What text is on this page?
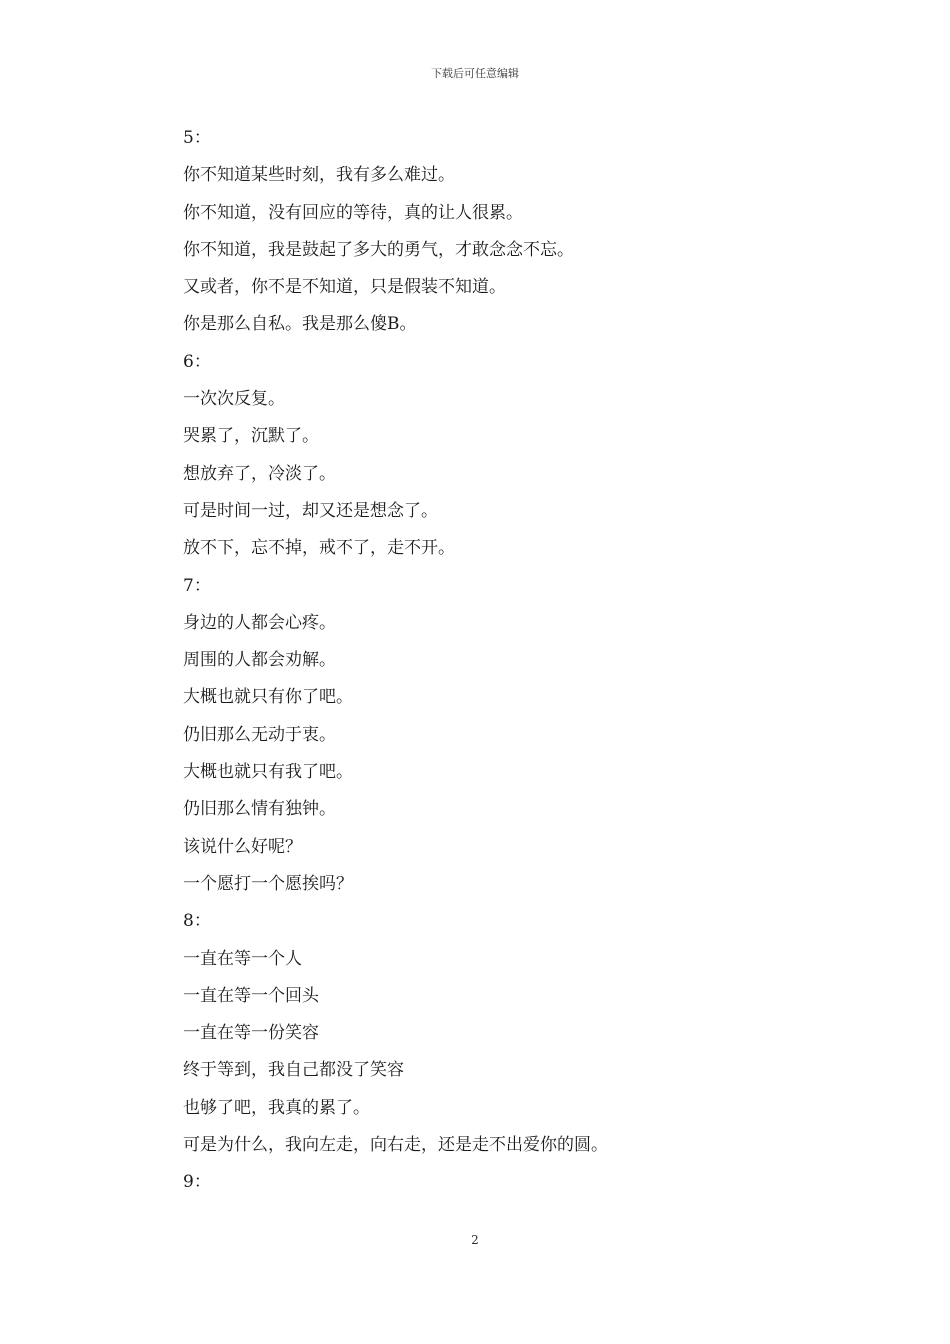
下载后可任意编辑
5：
你不知道某些时刻，我有多么难过。
你不知道，没有回应的等待，真的让人很累。
你不知道，我是鼓起了多大的勇气，才敢念念不忘。
又或者，你不是不知道，只是假装不知道。
你是那么自私。我是那么傻B。
6：
一次次反复。
哭累了，沉默了。
想放弃了，冷淡了。
可是时间一过，却又还是想念了。
放不下，忘不掉，戒不了，走不开。
7：
身边的人都会心疼。
周围的人都会劝解。
大概也就只有你了吧。
仍旧那么无动于衷。
大概也就只有我了吧。
仍旧那么情有独钟。
该说什么好呢？
一个愿打一个愿挨吗？
8：
一直在等一个人
一直在等一个回头
一直在等一份笑容
终于等到，我自己都没了笑容
也够了吧，我真的累了。
可是为什么，我向左走，向右走，还是走不出爱你的圆。
9：
2
